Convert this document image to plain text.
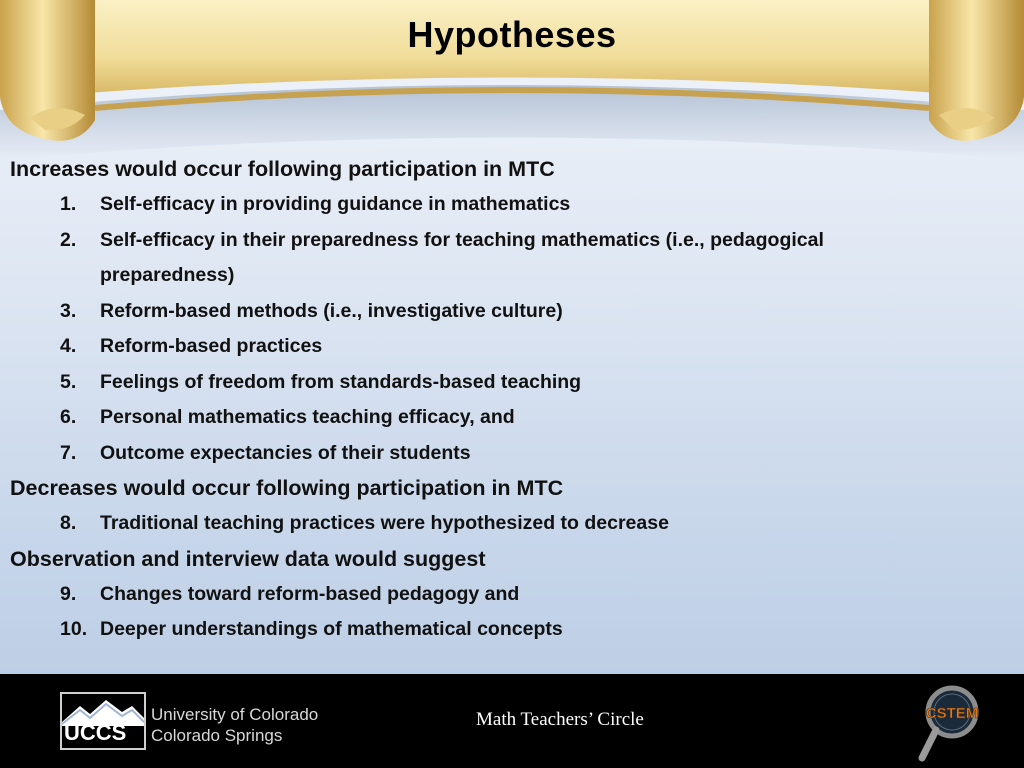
Hypotheses

Increases would occur following participation in MTC

1. Self-efficacy in providing guidance in mathematics
2. Self-efficacy in their preparedness for teaching mathematics (i.e., pedagogical preparedness)
3. Reform-based methods (i.e., investigative culture)
4. Reform-based practices
5. Feelings of freedom from standards-based teaching
6. Personal mathematics teaching efficacy, and
7. Outcome expectancies of their students

Decreases would occur following participation in MTC

8. Traditional teaching practices were hypothesized to decrease

Observation and interview data would suggest

9. Changes toward reform-based pedagogy and
10. Deeper understandings of mathematical concepts
UCCS
University of Colorado
Colorado Springs
Math Teachers’ Circle	CSTEM
